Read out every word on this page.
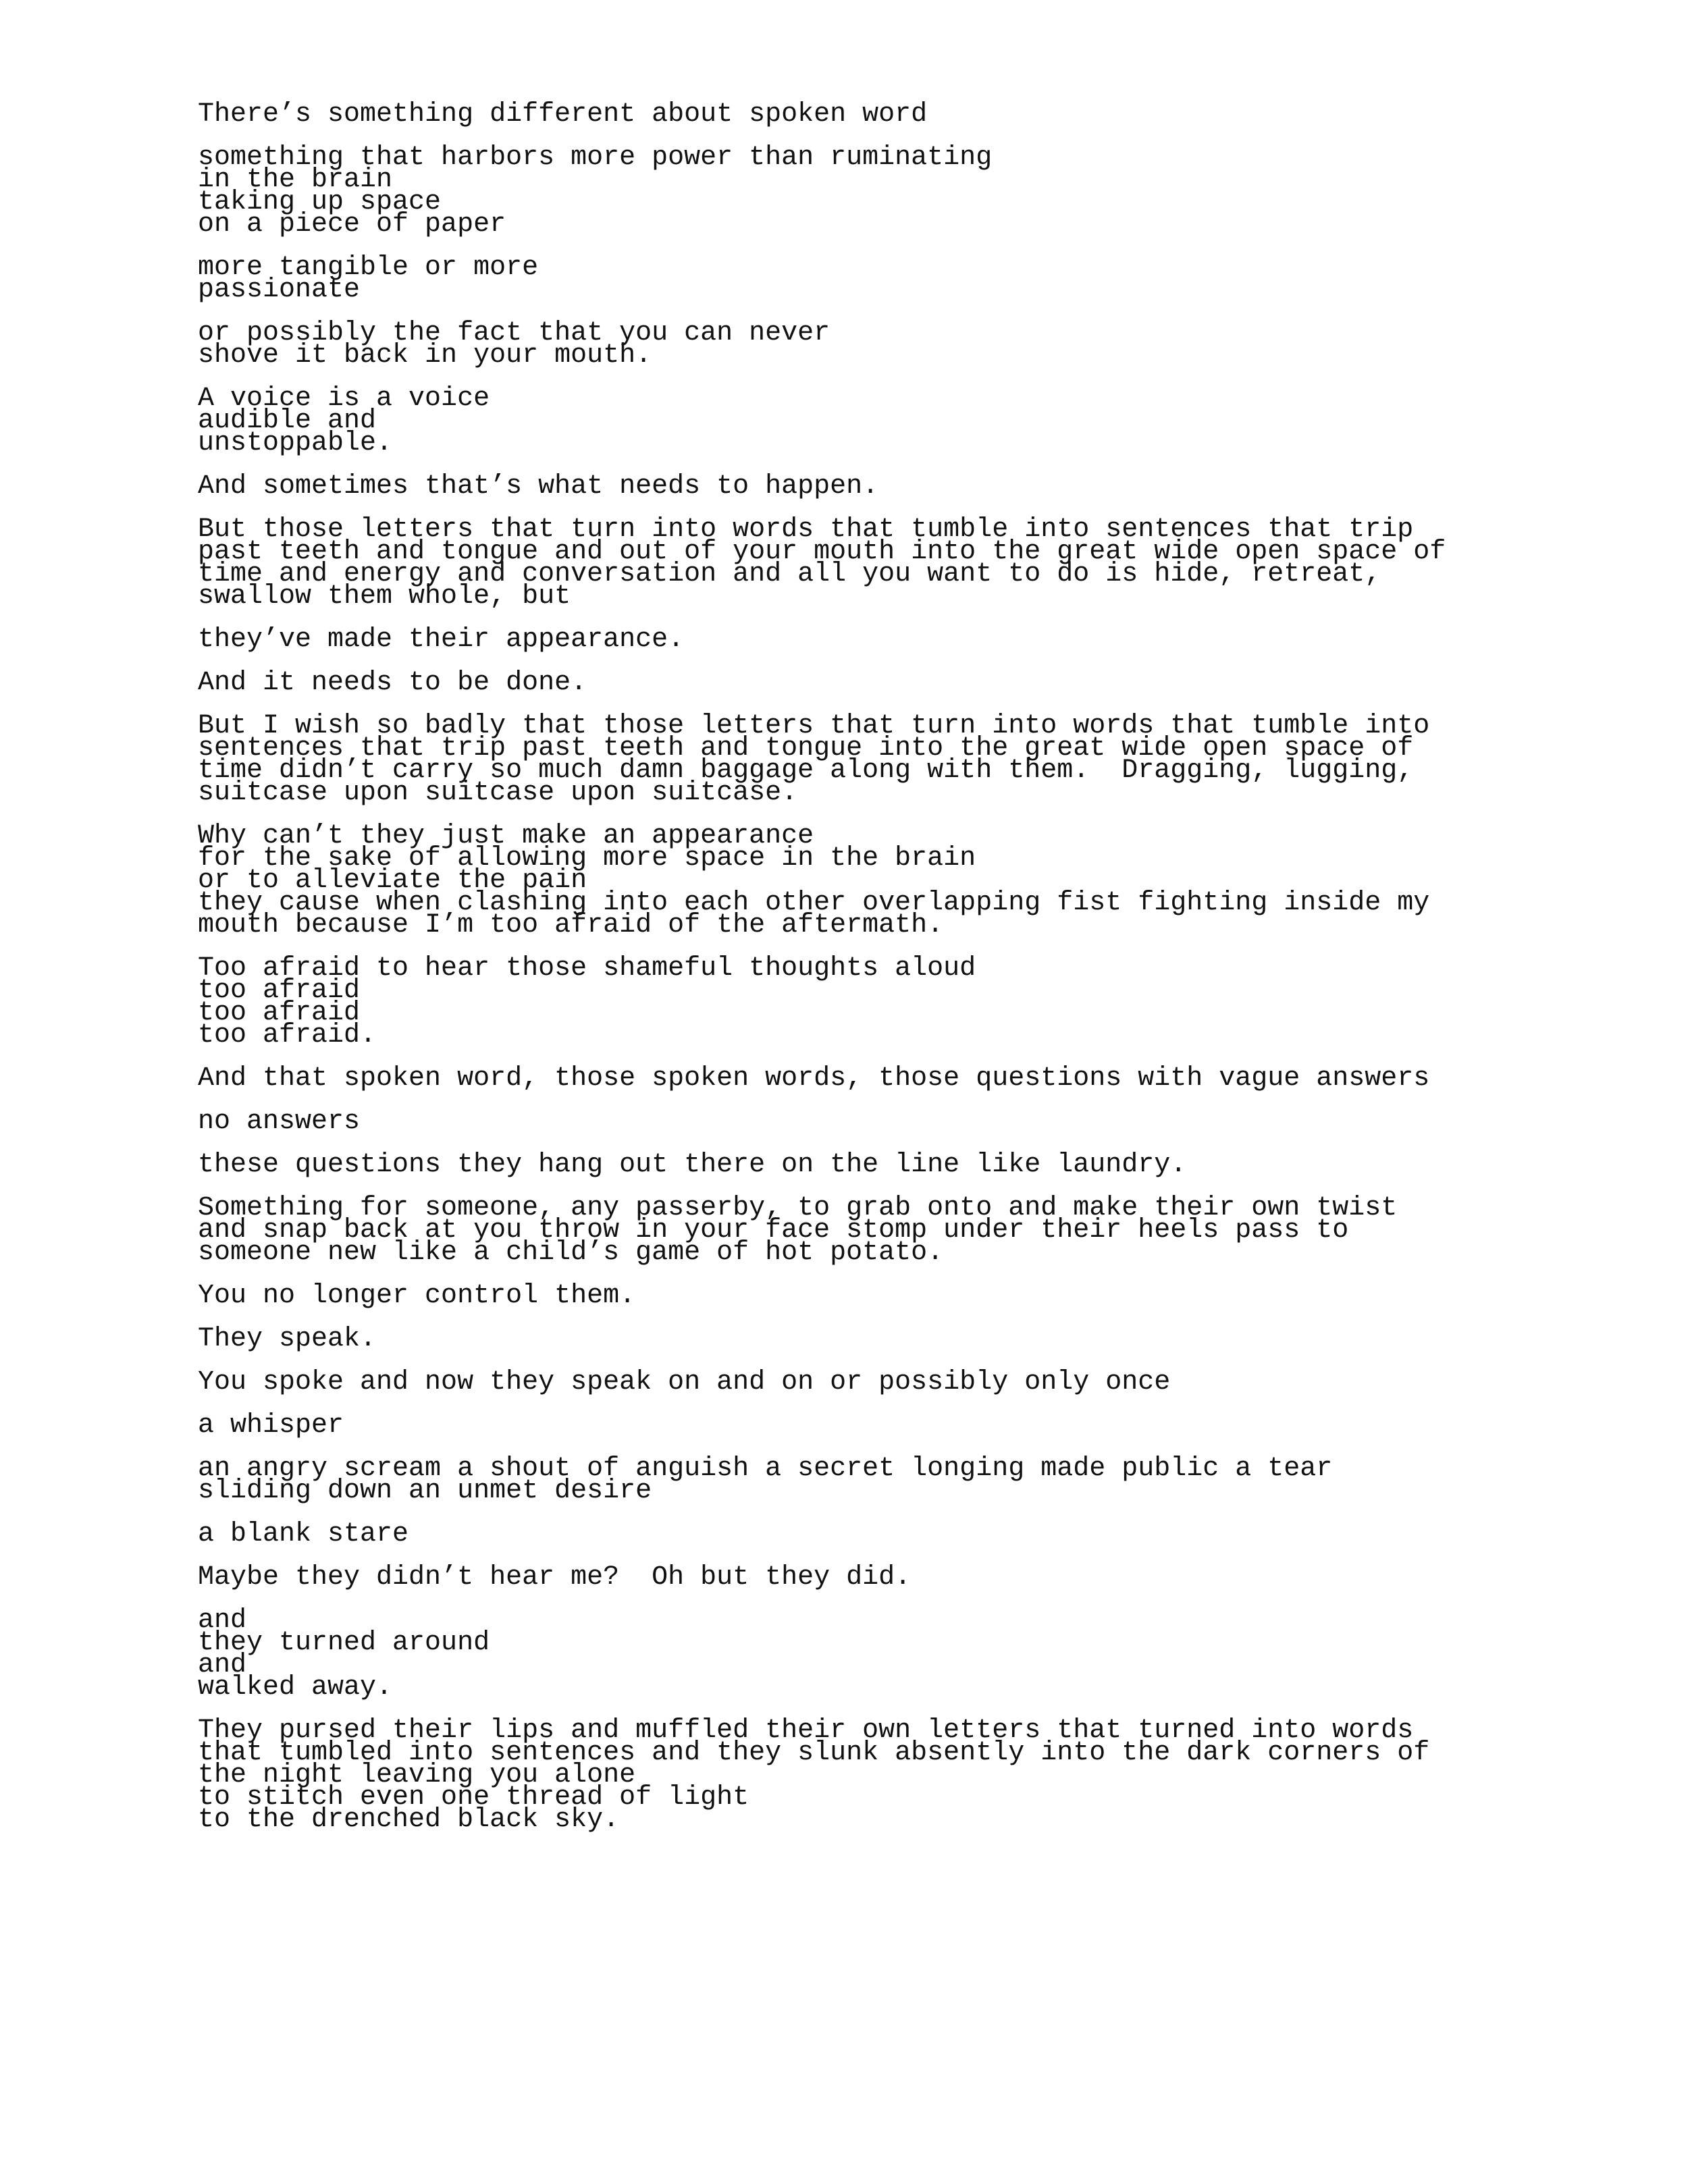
There’s something different about spoken word
something that harbors more power than ruminating
in the brain
taking up space
on a piece of paper
more tangible or more
passionate
or possibly the fact that you can never
shove it back in your mouth.
A voice is a voice
audible and
unstoppable.
And sometimes that’s what needs to happen.
But those letters that turn into words that tumble into sentences that trip
past teeth and tongue and out of your mouth into the great wide open space of
time and energy and conversation and all you want to do is hide, retreat,
swallow them whole, but
they’ve made their appearance.
And it needs to be done.
But I wish so badly that those letters that turn into words that tumble into
sentences that trip past teeth and tongue into the great wide open space of
time didn’t carry so much damn baggage along with them.  Dragging, lugging,
suitcase upon suitcase upon suitcase.
Why can’t they just make an appearance
for the sake of allowing more space in the brain
or to alleviate the pain
they cause when clashing into each other overlapping fist fighting inside my
mouth because I’m too afraid of the aftermath.
Too afraid to hear those shameful thoughts aloud
too afraid
too afraid
too afraid.
And that spoken word, those spoken words, those questions with vague answers
no answers
these questions they hang out there on the line like laundry.
Something for someone, any passerby, to grab onto and make their own twist
and snap back at you throw in your face stomp under their heels pass to
someone new like a child’s game of hot potato.
You no longer control them.
They speak.
You spoke and now they speak on and on or possibly only once
a whisper
an angry scream a shout of anguish a secret longing made public a tear
sliding down an unmet desire
a blank stare
Maybe they didn’t hear me?  Oh but they did.
and
they turned around
and
walked away.
They pursed their lips and muffled their own letters that turned into words
that tumbled into sentences and they slunk absently into the dark corners of
the night leaving you alone
to stitch even one thread of light
to the drenched black sky.
